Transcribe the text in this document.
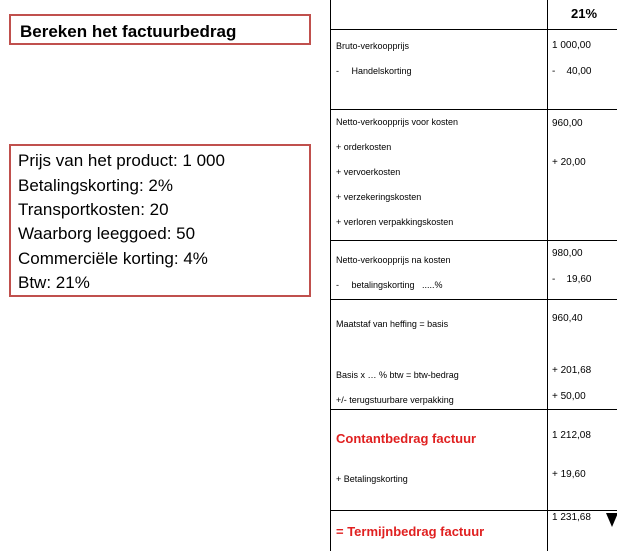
Bereken het factuurbedrag
Prijs van het product: 1 000
Betalingskorting: 2%
Transportkosten: 20
Waarborg leeggoed: 50
Commerciële korting: 4%
Btw: 21%
21%
Bruto-verkoopprijs
-     Handelskorting
Netto-verkoopprijs voor kosten
+ orderkosten
+ vervoerkosten
+ verzekeringskosten
+ verloren verpakkingskosten
Netto-verkoopprijs na kosten
-     betalingskorting   .....%
Maatstaf van heffing = basis
Basis x … % btw = btw-bedrag
+/- terugstuurbare verpakking
Contantbedrag factuur
+ Betalingskorting
= Termijnbedrag factuur
1 000,00
-    40,00
960,00
+ 20,00
980,00
-    19,60
960,40
+ 201,68
+ 50,00
1 212,08
+ 19,60
1 231,68
